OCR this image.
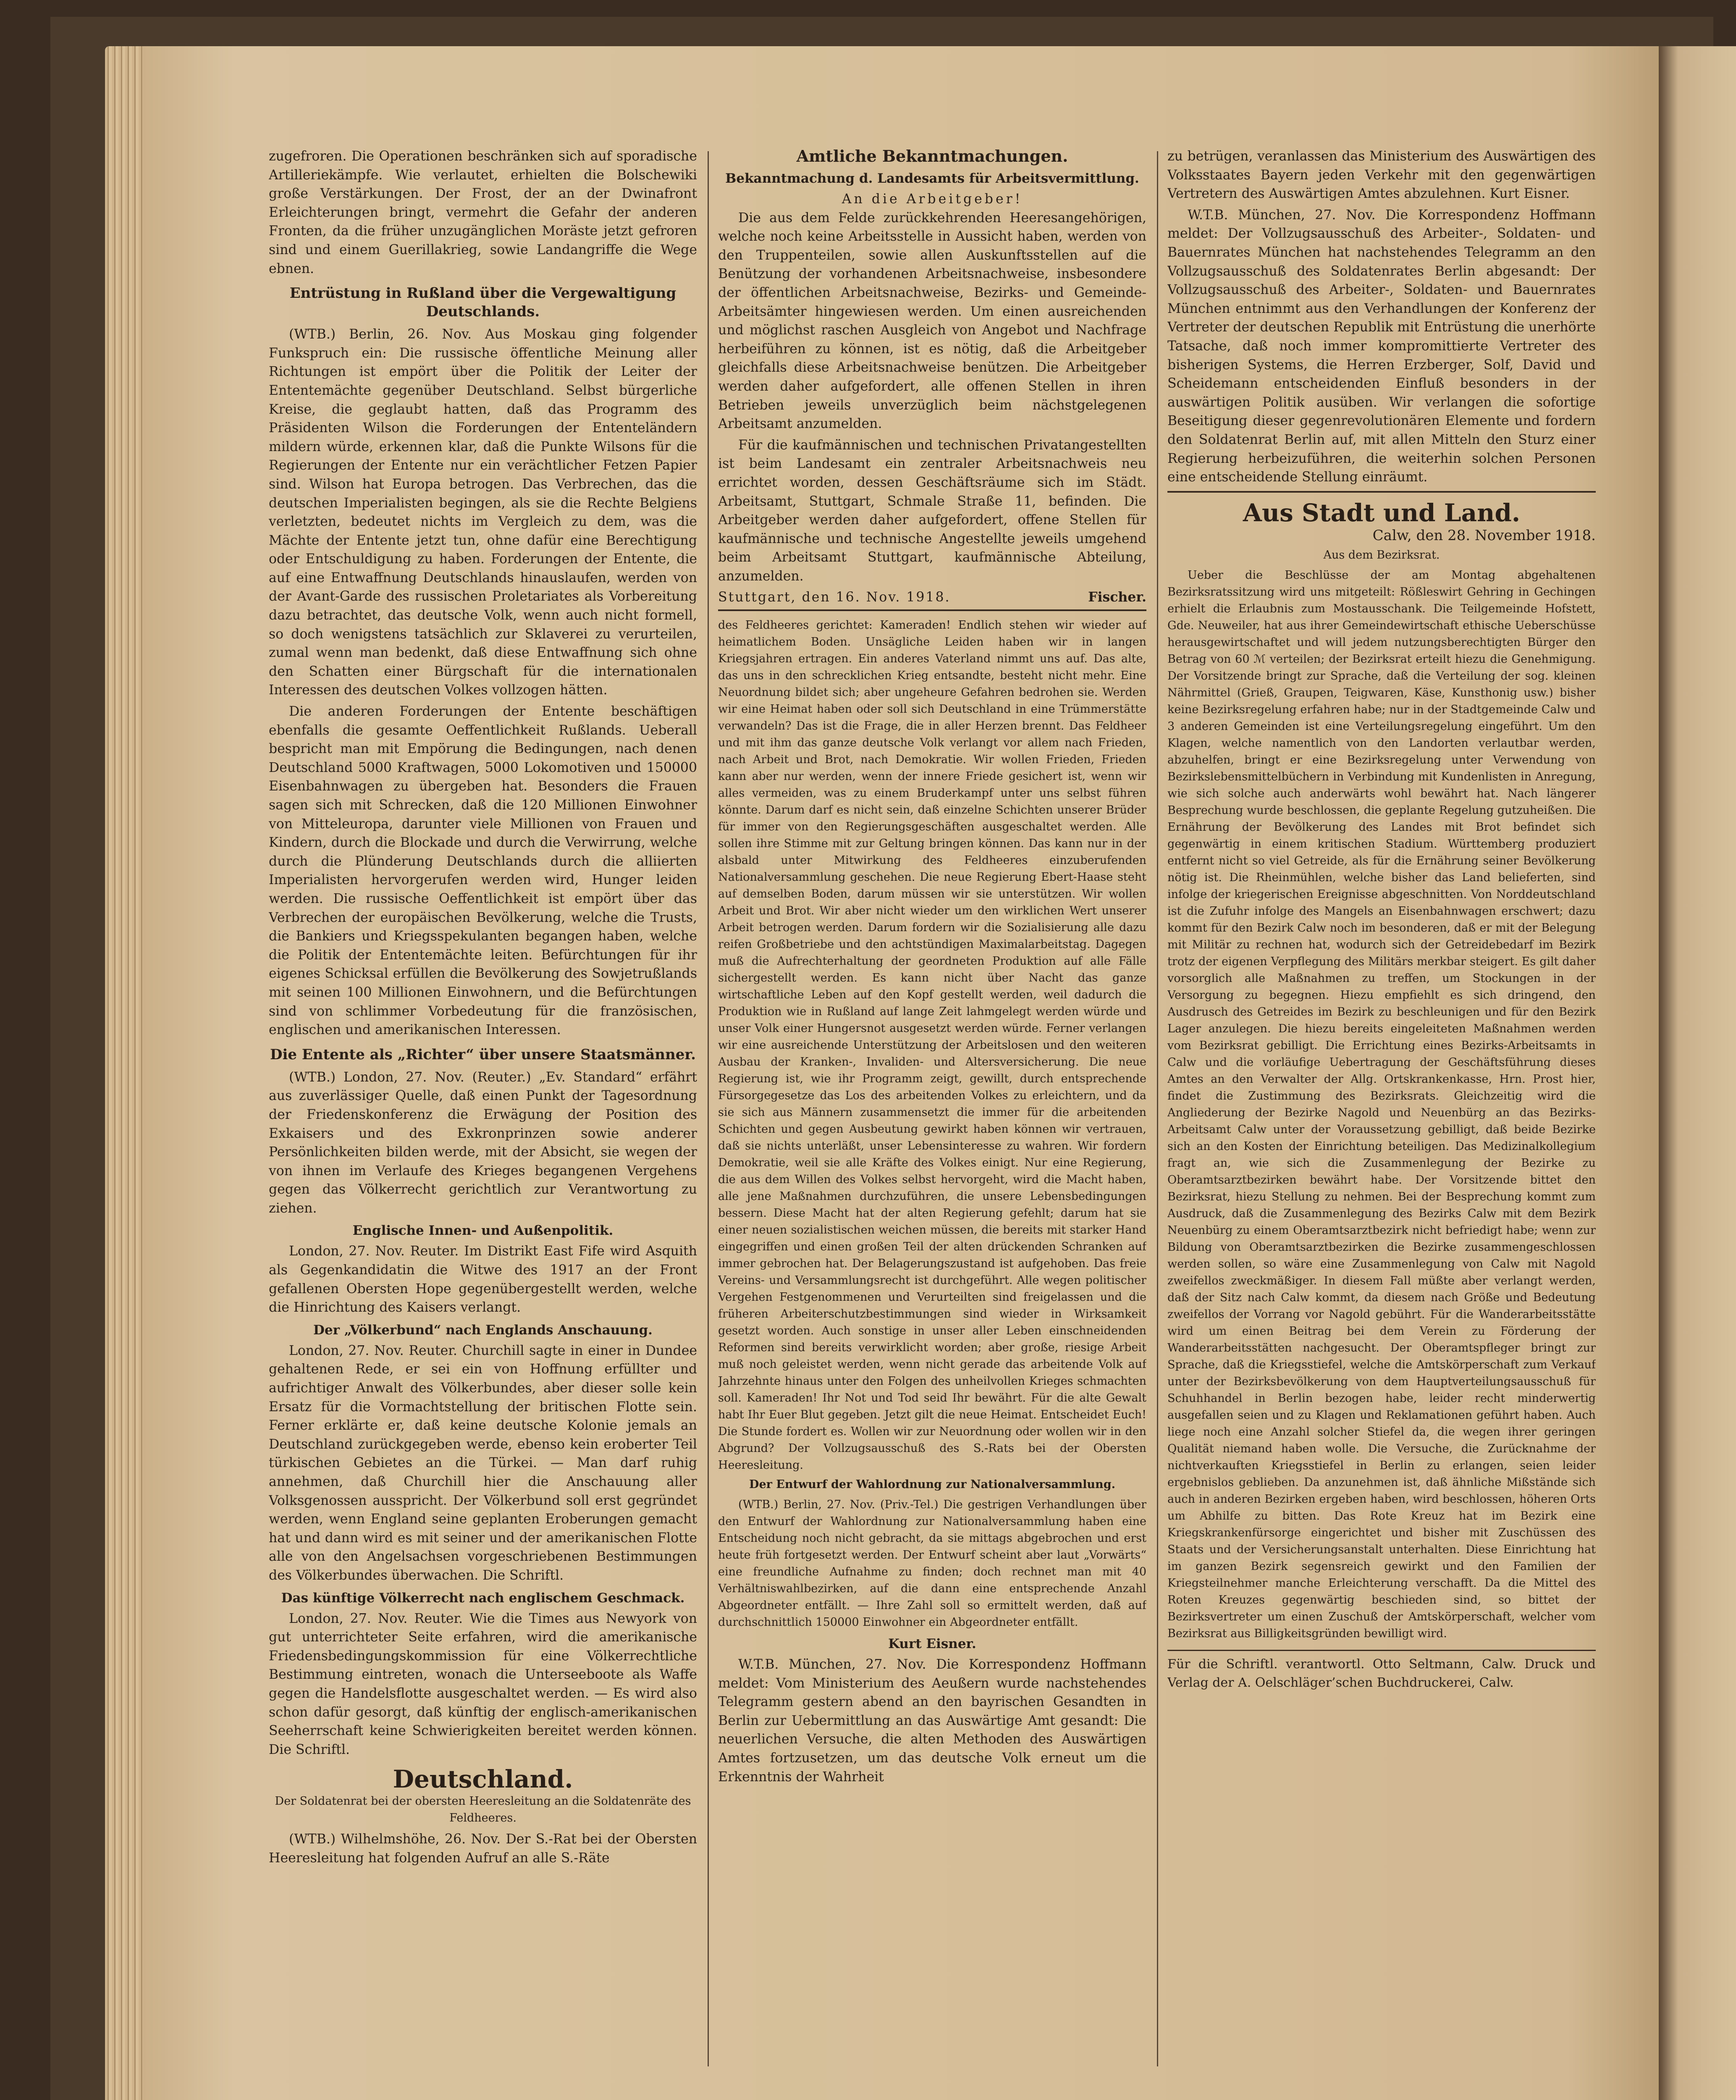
zugefroren. Die Operationen beschränken sich auf sporadische Artilleriekämpfe. Wie verlautet, erhielten die Bolschewiki große Verstärkungen. Der Frost, der an der Dwinafront Erleichterungen bringt, vermehrt die Gefahr der anderen Fronten, da die früher unzugänglichen Moräste jetzt gefroren sind und einem Guerillakrieg, sowie Landangriffe die Wege ebnen.

Entrüstung in Rußland über die Vergewaltigung Deutschlands.

(WTB.) Berlin, 26. Nov. Aus Moskau ging folgender Funkspruch ein: Die russische öffentliche Meinung aller Richtungen ist empört über die Politik der Leiter der Ententemächte gegenüber Deutschland. Selbst bürgerliche Kreise, die geglaubt hatten, daß das Programm des Präsidenten Wilson die Forderungen der Ententeländern mildern würde, erkennen klar, daß die Punkte Wilsons für die Regierungen der Entente nur ein verächtlicher Fetzen Papier sind. Wilson hat Europa betrogen. Das Verbrechen, das die deutschen Imperialisten begingen, als sie die Rechte Belgiens verletzten, bedeutet nichts im Vergleich zu dem, was die Mächte der Entente jetzt tun, ohne dafür eine Berechtigung oder Entschuldigung zu haben. Forderungen der Entente, die auf eine Entwaffnung Deutschlands hinauslaufen, werden von der Avant-Garde des russischen Proletariates als Vorbereitung dazu betrachtet, das deutsche Volk, wenn auch nicht formell, so doch wenigstens tatsächlich zur Sklaverei zu verurteilen, zumal wenn man bedenkt, daß diese Entwaffnung sich ohne den Schatten einer Bürgschaft für die internationalen Interessen des deutschen Volkes vollzogen hätten.

Die anderen Forderungen der Entente beschäftigen ebenfalls die gesamte Oeffentlichkeit Rußlands. Ueberall bespricht man mit Empörung die Bedingungen, nach denen Deutschland 5000 Kraftwagen, 5000 Lokomotiven und 150000 Eisenbahnwagen zu übergeben hat. Besonders die Frauen sagen sich mit Schrecken, daß die 120 Millionen Einwohner von Mitteleuropa, darunter viele Millionen von Frauen und Kindern, durch die Blockade und durch die Verwirrung, welche durch die Plünderung Deutschlands durch die alliierten Imperialisten hervorgerufen werden wird, Hunger leiden werden. Die russische Oeffentlichkeit ist empört über das Verbrechen der europäischen Bevölkerung, welche die Trusts, die Bankiers und Kriegsspekulanten begangen haben, welche die Politik der Ententemächte leiten. Befürchtungen für ihr eigenes Schicksal erfüllen die Bevölkerung des Sowjetrußlands mit seinen 100 Millionen Einwohnern, und die Befürchtungen sind von schlimmer Vorbedeutung für die französischen, englischen und amerikanischen Interessen.

Die Entente als „Richter“ über unsere Staatsmänner.

(WTB.) London, 27. Nov. (Reuter.) „Ev. Standard“ erfährt aus zuverlässiger Quelle, daß einen Punkt der Tagesordnung der Friedenskonferenz die Erwägung der Position des Exkaisers und des Exkronprinzen sowie anderer Persönlichkeiten bilden werde, mit der Absicht, sie wegen der von ihnen im Verlaufe des Krieges begangenen Vergehens gegen das Völkerrecht gerichtlich zur Verantwortung zu ziehen.

Englische Innen- und Außenpolitik.

London, 27. Nov. Reuter. Im Distrikt East Fife wird Asquith als Gegenkandidatin die Witwe des 1917 an der Front gefallenen Obersten Hope gegenübergestellt werden, welche die Hinrichtung des Kaisers verlangt.

Der „Völkerbund“ nach Englands Anschauung.

London, 27. Nov. Reuter. Churchill sagte in einer in Dundee gehaltenen Rede, er sei ein von Hoffnung erfüllter und aufrichtiger Anwalt des Völkerbundes, aber dieser solle kein Ersatz für die Vormachtstellung der britischen Flotte sein. Ferner erklärte er, daß keine deutsche Kolonie jemals an Deutschland zurückgegeben werde, ebenso kein eroberter Teil türkischen Gebietes an die Türkei. — Man darf ruhig annehmen, daß Churchill hier die Anschauung aller Volksgenossen ausspricht. Der Völkerbund soll erst gegründet werden, wenn England seine geplanten Eroberungen gemacht hat und dann wird es mit seiner und der amerikanischen Flotte alle von den Angelsachsen vorgeschriebenen Bestimmungen des Völkerbundes überwachen. Die Schriftl.

Das künftige Völkerrecht nach englischem Geschmack.

London, 27. Nov. Reuter. Wie die Times aus Newyork von gut unterrichteter Seite erfahren, wird die amerikanische Friedensbedingungskommission für eine Völkerrechtliche Bestimmung eintreten, wonach die Unterseeboote als Waffe gegen die Handelsflotte ausgeschaltet werden. — Es wird also schon dafür gesorgt, daß künftig der englisch-amerikanischen Seeherrschaft keine Schwierigkeiten bereitet werden können. Die Schriftl.

Deutschland.
Der Soldatenrat bei der obersten Heeresleitung an die Soldatenräte des Feldheeres.

(WTB.) Wilhelmshöhe, 26. Nov. Der S.-Rat bei der Obersten Heeresleitung hat folgenden Aufruf an alle S.-Räte

Amtliche Bekanntmachungen.
Bekanntmachung d. Landesamts für Arbeitsvermittlung.
An die Arbeitgeber!

Die aus dem Felde zurückkehrenden Heeresangehörigen, welche noch keine Arbeitsstelle in Aussicht haben, werden von den Truppenteilen, sowie allen Auskunftsstellen auf die Benützung der vorhandenen Arbeitsnachweise, insbesondere der öffentlichen Arbeitsnachweise, Bezirks- und Gemeinde-Arbeitsämter hingewiesen werden. Um einen ausreichenden und möglichst raschen Ausgleich von Angebot und Nachfrage herbeiführen zu können, ist es nötig, daß die Arbeitgeber gleichfalls diese Arbeitsnachweise benützen. Die Arbeitgeber werden daher aufgefordert, alle offenen Stellen in ihren Betrieben jeweils unverzüglich beim nächstgelegenen Arbeitsamt anzumelden.

Für die kaufmännischen und technischen Privatangestellten ist beim Landesamt ein zentraler Arbeitsnachweis neu errichtet worden, dessen Geschäftsräume sich im Städt. Arbeitsamt, Stuttgart, Schmale Straße 11, befinden. Die Arbeitgeber werden daher aufgefordert, offene Stellen für kaufmännische und technische Angestellte jeweils umgehend beim Arbeitsamt Stuttgart, kaufmännische Abteilung, anzumelden.

Stuttgart, den 16. Nov. 1918.	Fischer.

des Feldheeres gerichtet: Kameraden! Endlich stehen wir wieder auf heimatlichem Boden. Unsägliche Leiden haben wir in langen Kriegsjahren ertragen. Ein anderes Vaterland nimmt uns auf. Das alte, das uns in den schrecklichen Krieg entsandte, besteht nicht mehr. Eine Neuordnung bildet sich; aber ungeheure Gefahren bedrohen sie. Werden wir eine Heimat haben oder soll sich Deutschland in eine Trümmerstätte verwandeln? Das ist die Frage, die in aller Herzen brennt. Das Feldheer und mit ihm das ganze deutsche Volk verlangt vor allem nach Frieden, nach Arbeit und Brot, nach Demokratie. Wir wollen Frieden, Frieden kann aber nur werden, wenn der innere Friede gesichert ist, wenn wir alles vermeiden, was zu einem Bruderkampf unter uns selbst führen könnte. Darum darf es nicht sein, daß einzelne Schichten unserer Brüder für immer von den Regierungsgeschäften ausgeschaltet werden. Alle sollen ihre Stimme mit zur Geltung bringen können. Das kann nur in der alsbald unter Mitwirkung des Feldheeres einzuberufenden Nationalversammlung geschehen. Die neue Regierung Ebert-Haase steht auf demselben Boden, darum müssen wir sie unterstützen. Wir wollen Arbeit und Brot. Wir aber nicht wieder um den wirklichen Wert unserer Arbeit betrogen werden. Darum fordern wir die Sozialisierung alle dazu reifen Großbetriebe und den achtstündigen Maximalarbeitstag. Dagegen muß die Aufrechterhaltung der geordneten Produktion auf alle Fälle sichergestellt werden. Es kann nicht über Nacht das ganze wirtschaftliche Leben auf den Kopf gestellt werden, weil dadurch die Produktion wie in Rußland auf lange Zeit lahmgelegt werden würde und unser Volk einer Hungersnot ausgesetzt werden würde. Ferner verlangen wir eine ausreichende Unterstützung der Arbeitslosen und den weiteren Ausbau der Kranken-, Invaliden- und Altersversicherung. Die neue Regierung ist, wie ihr Programm zeigt, gewillt, durch entsprechende Fürsorgegesetze das Los des arbeitenden Volkes zu erleichtern, und da sie sich aus Männern zusammensetzt die immer für die arbeitenden Schichten und gegen Ausbeutung gewirkt haben können wir vertrauen, daß sie nichts unterläßt, unser Lebensinteresse zu wahren. Wir fordern Demokratie, weil sie alle Kräfte des Volkes einigt. Nur eine Regierung, die aus dem Willen des Volkes selbst hervorgeht, wird die Macht haben, alle jene Maßnahmen durchzuführen, die unsere Lebensbedingungen bessern. Diese Macht hat der alten Regierung gefehlt; darum hat sie einer neuen sozialistischen weichen müssen, die bereits mit starker Hand eingegriffen und einen großen Teil der alten drückenden Schranken auf immer gebrochen hat. Der Belagerungszustand ist aufgehoben. Das freie Vereins- und Versammlungsrecht ist durchgeführt. Alle wegen politischer Vergehen Festgenommenen und Verurteilten sind freigelassen und die früheren Arbeiterschutzbestimmungen sind wieder in Wirksamkeit gesetzt worden. Auch sonstige in unser aller Leben einschneidenden Reformen sind bereits verwirklicht worden; aber große, riesige Arbeit muß noch geleistet werden, wenn nicht gerade das arbeitende Volk auf Jahrzehnte hinaus unter den Folgen des unheilvollen Krieges schmachten soll. Kameraden! Ihr Not und Tod seid Ihr bewährt. Für die alte Gewalt habt Ihr Euer Blut gegeben. Jetzt gilt die neue Heimat. Entscheidet Euch! Die Stunde fordert es. Wollen wir zur Neuordnung oder wollen wir in den Abgrund? Der Vollzugsausschuß des S.-Rats bei der Obersten Heeresleitung.

Der Entwurf der Wahlordnung zur Nationalversammlung.

(WTB.) Berlin, 27. Nov. (Priv.-Tel.) Die gestrigen Verhandlungen über den Entwurf der Wahlordnung zur Nationalversammlung haben eine Entscheidung noch nicht gebracht, da sie mittags abgebrochen und erst heute früh fortgesetzt werden. Der Entwurf scheint aber laut „Vorwärts“ eine freundliche Aufnahme zu finden; doch rechnet man mit 40 Verhältniswahlbezirken, auf die dann eine entsprechende Anzahl Abgeordneter entfällt. — Ihre Zahl soll so ermittelt werden, daß auf durchschnittlich 150000 Einwohner ein Abgeordneter entfällt.

Kurt Eisner.

W.T.B. München, 27. Nov. Die Korrespondenz Hoffmann meldet: Vom Ministerium des Aeußern wurde nachstehendes Telegramm gestern abend an den bayrischen Gesandten in Berlin zur Uebermittlung an das Auswärtige Amt gesandt: Die neuerlichen Versuche, die alten Methoden des Auswärtigen Amtes fortzusetzen, um das deutsche Volk erneut um die Erkenntnis der Wahrheit

zu betrügen, veranlassen das Ministerium des Auswärtigen des Volksstaates Bayern jeden Verkehr mit den gegenwärtigen Vertretern des Auswärtigen Amtes abzulehnen. Kurt Eisner.

W.T.B. München, 27. Nov. Die Korrespondenz Hoffmann meldet: Der Vollzugsausschuß des Arbeiter-, Soldaten- und Bauernrates München hat nachstehendes Telegramm an den Vollzugsausschuß des Soldatenrates Berlin abgesandt: Der Vollzugsausschuß des Arbeiter-, Soldaten- und Bauernrates München entnimmt aus den Verhandlungen der Konferenz der Vertreter der deutschen Republik mit Entrüstung die unerhörte Tatsache, daß noch immer kompromittierte Vertreter des bisherigen Systems, die Herren Erzberger, Solf, David und Scheidemann entscheidenden Einfluß besonders in der auswärtigen Politik ausüben. Wir verlangen die sofortige Beseitigung dieser gegenrevolutionären Elemente und fordern den Soldatenrat Berlin auf, mit allen Mitteln den Sturz einer Regierung herbeizuführen, die weiterhin solchen Personen eine entscheidende Stellung einräumt.

Aus Stadt und Land.
Calw, den 28. November 1918.
Aus dem Bezirksrat.

Ueber die Beschlüsse der am Montag abgehaltenen Bezirksratssitzung wird uns mitgeteilt: Rößleswirt Gehring in Gechingen erhielt die Erlaubnis zum Mostausschank. Die Teilgemeinde Hofstett, Gde. Neuweiler, hat aus ihrer Gemeindewirtschaft ethische Ueberschüsse herausgewirtschaftet und will jedem nutzungsberechtigten Bürger den Betrag von 60 ℳ verteilen; der Bezirksrat erteilt hiezu die Genehmigung. Der Vorsitzende bringt zur Sprache, daß die Verteilung der sog. kleinen Nährmittel (Grieß, Graupen, Teigwaren, Käse, Kunsthonig usw.) bisher keine Bezirksregelung erfahren habe; nur in der Stadtgemeinde Calw und 3 anderen Gemeinden ist eine Verteilungsregelung eingeführt. Um den Klagen, welche namentlich von den Landorten verlautbar werden, abzuhelfen, bringt er eine Bezirksregelung unter Verwendung von Bezirkslebensmittelbüchern in Verbindung mit Kundenlisten in Anregung, wie sich solche auch anderwärts wohl bewährt hat. Nach längerer Besprechung wurde beschlossen, die geplante Regelung gutzuheißen. Die Ernährung der Bevölkerung des Landes mit Brot befindet sich gegenwärtig in einem kritischen Stadium. Württemberg produziert entfernt nicht so viel Getreide, als für die Ernährung seiner Bevölkerung nötig ist. Die Rheinmühlen, welche bisher das Land belieferten, sind infolge der kriegerischen Ereignisse abgeschnitten. Von Norddeutschland ist die Zufuhr infolge des Mangels an Eisenbahnwagen erschwert; dazu kommt für den Bezirk Calw noch im besonderen, daß er mit der Belegung mit Militär zu rechnen hat, wodurch sich der Getreidebedarf im Bezirk trotz der eigenen Verpflegung des Militärs merkbar steigert. Es gilt daher vorsorglich alle Maßnahmen zu treffen, um Stockungen in der Versorgung zu begegnen. Hiezu empfiehlt es sich dringend, den Ausdrusch des Getreides im Bezirk zu beschleunigen und für den Bezirk Lager anzulegen. Die hiezu bereits eingeleiteten Maßnahmen werden vom Bezirksrat gebilligt. Die Errichtung eines Bezirks-Arbeitsamts in Calw und die vorläufige Uebertragung der Geschäftsführung dieses Amtes an den Verwalter der Allg. Ortskrankenkasse, Hrn. Prost hier, findet die Zustimmung des Bezirksrats. Gleichzeitig wird die Angliederung der Bezirke Nagold und Neuenbürg an das Bezirks-Arbeitsamt Calw unter der Voraussetzung gebilligt, daß beide Bezirke sich an den Kosten der Einrichtung beteiligen. Das Medizinalkollegium fragt an, wie sich die Zusammenlegung der Bezirke zu Oberamtsarztbezirken bewährt habe. Der Vorsitzende bittet den Bezirksrat, hiezu Stellung zu nehmen. Bei der Besprechung kommt zum Ausdruck, daß die Zusammenlegung des Bezirks Calw mit dem Bezirk Neuenbürg zu einem Oberamtsarztbezirk nicht befriedigt habe; wenn zur Bildung von Oberamtsarztbezirken die Bezirke zusammengeschlossen werden sollen, so wäre eine Zusammenlegung von Calw mit Nagold zweifellos zweckmäßiger. In diesem Fall müßte aber verlangt werden, daß der Sitz nach Calw kommt, da diesem nach Größe und Bedeutung zweifellos der Vorrang vor Nagold gebührt. Für die Wanderarbeitsstätte wird um einen Beitrag bei dem Verein zu Förderung der Wanderarbeitsstätten nachgesucht. Der Oberamtspfleger bringt zur Sprache, daß die Kriegsstiefel, welche die Amtskörperschaft zum Verkauf unter der Bezirksbevölkerung von dem Hauptverteilungsausschuß für Schuhhandel in Berlin bezogen habe, leider recht minderwertig ausgefallen seien und zu Klagen und Reklamationen geführt haben. Auch liege noch eine Anzahl solcher Stiefel da, die wegen ihrer geringen Qualität niemand haben wolle. Die Versuche, die Zurücknahme der nichtverkauften Kriegsstiefel in Berlin zu erlangen, seien leider ergebnislos geblieben. Da anzunehmen ist, daß ähnliche Mißstände sich auch in anderen Bezirken ergeben haben, wird beschlossen, höheren Orts um Abhilfe zu bitten. Das Rote Kreuz hat im Bezirk eine Kriegskrankenfürsorge eingerichtet und bisher mit Zuschüssen des Staats und der Versicherungsanstalt unterhalten. Diese Einrichtung hat im ganzen Bezirk segensreich gewirkt und den Familien der Kriegsteilnehmer manche Erleichterung verschafft. Da die Mittel des Roten Kreuzes gegenwärtig beschieden sind, so bittet der Bezirksvertreter um einen Zuschuß der Amtskörperschaft, welcher vom Bezirksrat aus Billigkeitsgründen bewilligt wird.

Für die Schriftl. verantwortl. Otto Seltmann, Calw. Druck und Verlag der A. Oelschläger’schen Buchdruckerei, Calw.
